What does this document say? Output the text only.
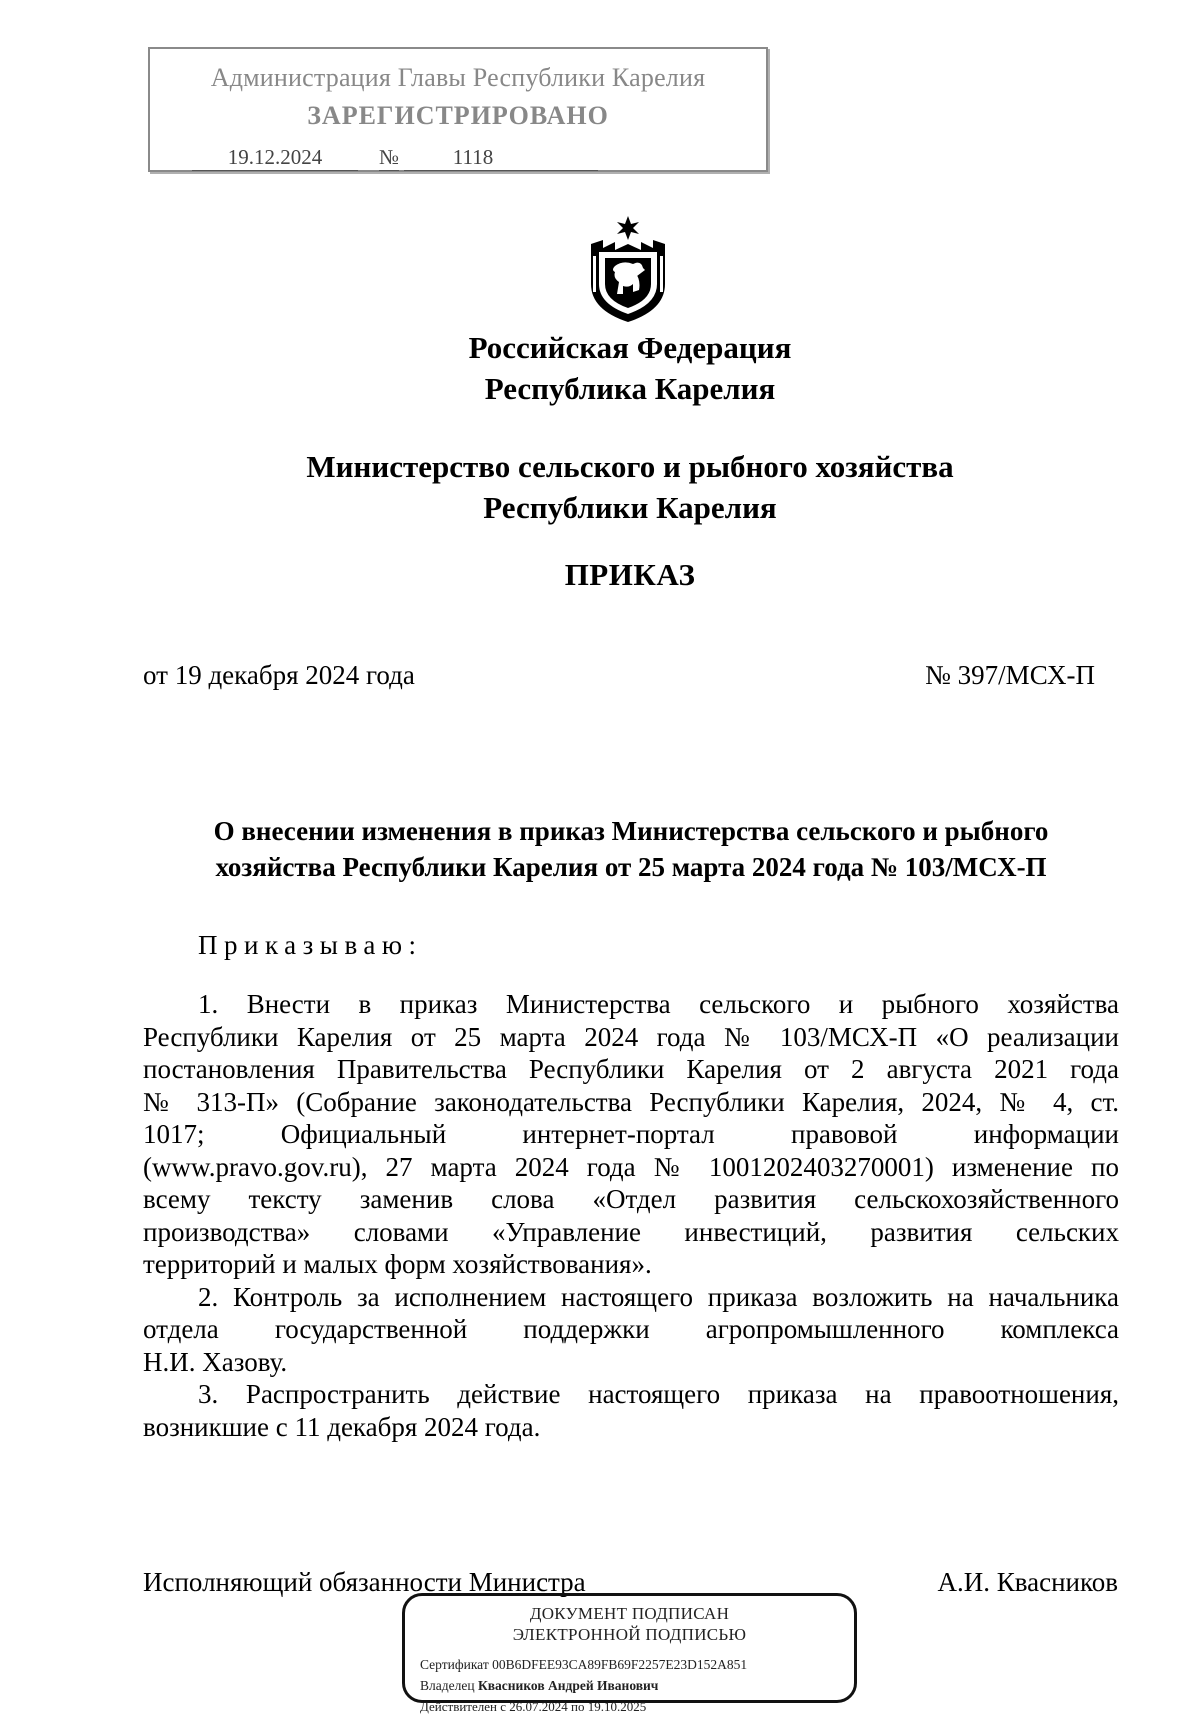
Администрация Главы Республики Карелия
ЗАРЕГИСТРИРОВАНО
19.12.2024	№	1118
Российская Федерация
Республика Карелия
Министерство сельского и рыбного хозяйства
Республики Карелия
ПРИКАЗ
от 19 декабря 2024 года	№ 397/МСХ-П
О внесении изменения в приказ Министерства сельского и рыбного
хозяйства Республики Карелия от 25 марта 2024 года № 103/МСХ-П
Приказываю:

1. Внести в приказ Министерства сельского и рыбного хозяйства

Республики Карелия от 25 марта 2024 года № 103/МСХ-П «О реализации

постановления Правительства Республики Карелия от 2 августа 2021 года

№ 313-П» (Собрание законодательства Республики Карелия, 2024, № 4, ст.

1017; Официальный интернет-портал правовой информации

(www.pravo.gov.ru), 27 марта 2024 года № 1001202403270001) изменение по

всему тексту заменив слова «Отдел развития сельскохозяйственного

производства» словами «Управление инвестиций, развития сельских

территорий и малых форм хозяйствования».

2. Контроль за исполнением настоящего приказа возложить на начальника

отдела государственной поддержки агропромышленного комплекса

Н.И. Хазову.

3. Распространить действие настоящего приказа на правоотношения,

возникшие с 11 декабря 2024 года.

Исполняющий обязанности Министра	А.И. Квасников
ДОКУМЕНТ ПОДПИСАН
ЭЛЕКТРОННОЙ ПОДПИСЬЮ
Сертификат 00B6DFEE93CA89FB69F2257E23D152A851
Владелец Квасников Андрей Иванович
Действителен с 26.07.2024 по 19.10.2025
